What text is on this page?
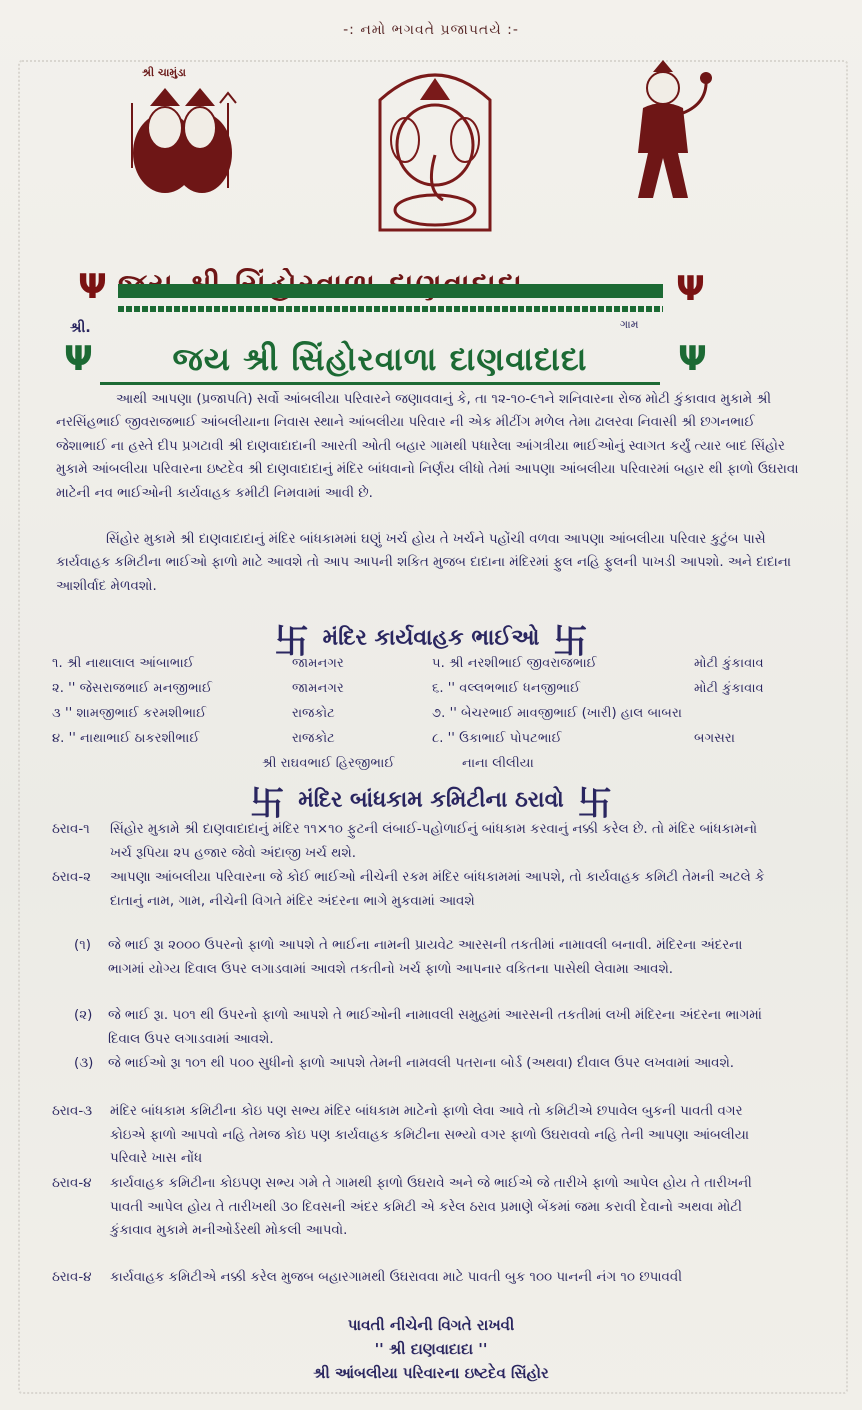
-: નમો ભગવતે પ્રજાપતયે :-
શ્રી ચામુંડા
Ψ	Ψ
શ્રી.	ગામ
Ψ	Ψ
જય શ્રી સિંહોરવાળા દાણવાદાદા
આથી આપણા (પ્રજાપતિ) સર્વો આંબલીયા પરિવારને જણાવવાનું કે, તા ૧૨-૧૦-૯૧ને શનિવારના રોજ મોટી કુંકાવાવ મુકામે શ્રી નરસિંહભાઈ જીવરાજભાઈ આંબલીયાના નિવાસ સ્થાને આંબલીયા પરિવાર ની એક મીટીંગ મળેલ તેમા ઢાલરવા નિવાસી શ્રી છગનભાઈ જેશાભાઈ ના હસ્તે દીપ પ્રગટાવી શ્રી દાણવાદાદાની આરતી ઓતી બહાર ગામથી પધારેલા આંગત્રીયા ભાઈઓનું સ્વાગત કર્યું ત્યાર બાદ સિંહોર મુકામે આંબલીયા પરિવારના ઇષ્ટદેવ શ્રી દાણવાદાદાનું મંદિર બાંધવાનો નિર્ણય લીધો તેમાં આપણા આંબલીયા પરિવારમાં બહાર થી ફાળો ઉઘરાવા માટેની નવ ભાઈઓની કાર્યવાહક કમીટી નિમવામાં આવી છે.
સિંહોર મુકામે શ્રી દાણવાદાદાનું મંદિર બાંધકામમાં ઘણું ખર્ચ હોય તે ખર્ચને પહોંચી વળવા આપણા આંબલીયા પરિવાર કુટુંબ પાસે કાર્યવાહક કમિટીના ભાઈઓ ફાળો માટે આવશે તો આપ આપની શકિત મુજબ દાદાના મંદિરમાં ફુલ નહિ ફુલની પાખડી આપશો. અને દાદાના આશીર્વાદ મેળવશો.
卐મંદિર કાર્યવાહક ભાઈઓ 卐
૧. શ્રી નાથાલાલ આંબાભાઈ	જામનગર
૨. '' જેસરાજભાઈ મનજીભાઈ	જામનગર
૩ '' શામજીભાઈ કરમશીભાઈ	રાજકોટ
૪. '' નાથાભાઈ ઠાકરશીભાઈ	રાજકોટ
૫. શ્રી નરશીભાઈ જીવરાજભાઈ	મોટી કુંકાવાવ
૬. '' વલ્લભભાઈ ધનજીભાઈ	મોટી કુંકાવાવ
૭. '' બેચરભાઈ માવજીભાઈ (ખારી) હાલ બાબરા
૮. '' ઉકાભાઈ પોપટભાઈ	બગસરા
શ્રી રાઘવભાઈ હિરજીભાઈ	નાના લીલીયા
卐મંદિર બાંધકામ કમિટીના ઠરાવો 卐
ઠરાવ-૧	સિંહોર મુકામે શ્રી દાણવાદાદાનું મંદિર ૧૧×૧૦ ફુટની લંબાઈ-પહોળાઈનું બાંધકામ કરવાનું નક્કી કરેલ છે. તો મંદિર બાંધકામનો ખર્ચ રૂપિયા ૨૫ હજાર જેવો અંદાજી ખર્ચ થશે.
ઠરાવ-૨	આપણા આંબલીયા પરિવારના જે કોઈ ભાઈઓ નીચેની રકમ મંદિર બાંધકામમાં આપશે, તો કાર્યવાહક કમિટી તેમની અટલે કે દાતાનું નામ, ગામ, નીચેની વિગતે મંદિર અંદરના ભાગે મુકવામાં આવશે
(૧)	જે ભાઈ રૂા ૨૦૦૦ ઉપરનો ફાળો આપશે તે ભાઈના નામની પ્રાયવેટ આરસની તકતીમાં નામાવલી બનાવી. મંદિરના અંદરના ભાગમાં યોગ્ય દિવાલ ઉપર લગાડવામાં આવશે તકતીનો ખર્ચ ફાળો આપનાર વકિતના પાસેથી લેવામા આવશે.
(૨)	જે ભાઈ રૂા. ૫૦૧ થી ઉપરનો ફાળો આપશે તે ભાઈઓની નામાવલી સમુહમાં આરસની તકતીમાં લખી મંદિરના અંદરના ભાગમાં દિવાલ ઉપર લગાડવામાં આવશે.
(૩)	જે ભાઈઓ રૂા ૧૦૧ થી ૫૦૦ સુધીનો ફાળો આપશે તેમની નામવલી પતરાના બોર્ડ (અથવા) દીવાલ ઉપર લખવામાં આવશે.
ઠરાવ-૩	મંદિર બાંધકામ કમિટીના કોઇ પણ સભ્ય મંદિર બાંધકામ માટેનો ફાળો લેવા આવે તો કમિટીએ છપાવેલ બુકની પાવતી વગર કોઇએ ફાળો આપવો નહિ તેમજ કોઇ પણ કાર્યવાહક કમિટીના સભ્યો વગર ફાળો ઉઘરાવવો નહિ તેની આપણા આંબલીયા પરિવારે ખાસ નોંધ
ઠરાવ-૪	કાર્યવાહક કમિટીના કોઇપણ સભ્ય ગમે તે ગામથી ફાળો ઉઘરાવે અને જે ભાઈએ જે તારીખે ફાળો આપેલ હોય તે તારીખની પાવતી આપેલ હોય તે તારીખથી ૩૦ દિવસની અંદર કમિટી એ કરેલ ઠરાવ પ્રમાણે બેંકમાં જમા કરાવી દેવાનો અથવા મોટી કુંકાવાવ મુકામે મનીઓર્ડરથી મોકલી આપવો.
ઠરાવ-૪	કાર્યવાહક કમિટીએ નક્કી કરેલ મુજબ બહારગામથી ઉઘરાવવા માટે પાવતી બુક ૧૦૦ પાનની નંગ ૧૦ છપાવવી
પાવતી નીચેની વિગતે રાખવી
'' શ્રી દાણવાદાદા ''
શ્રી આંબલીયા પરિવારના ઇષ્ટદેવ સિંહોર
